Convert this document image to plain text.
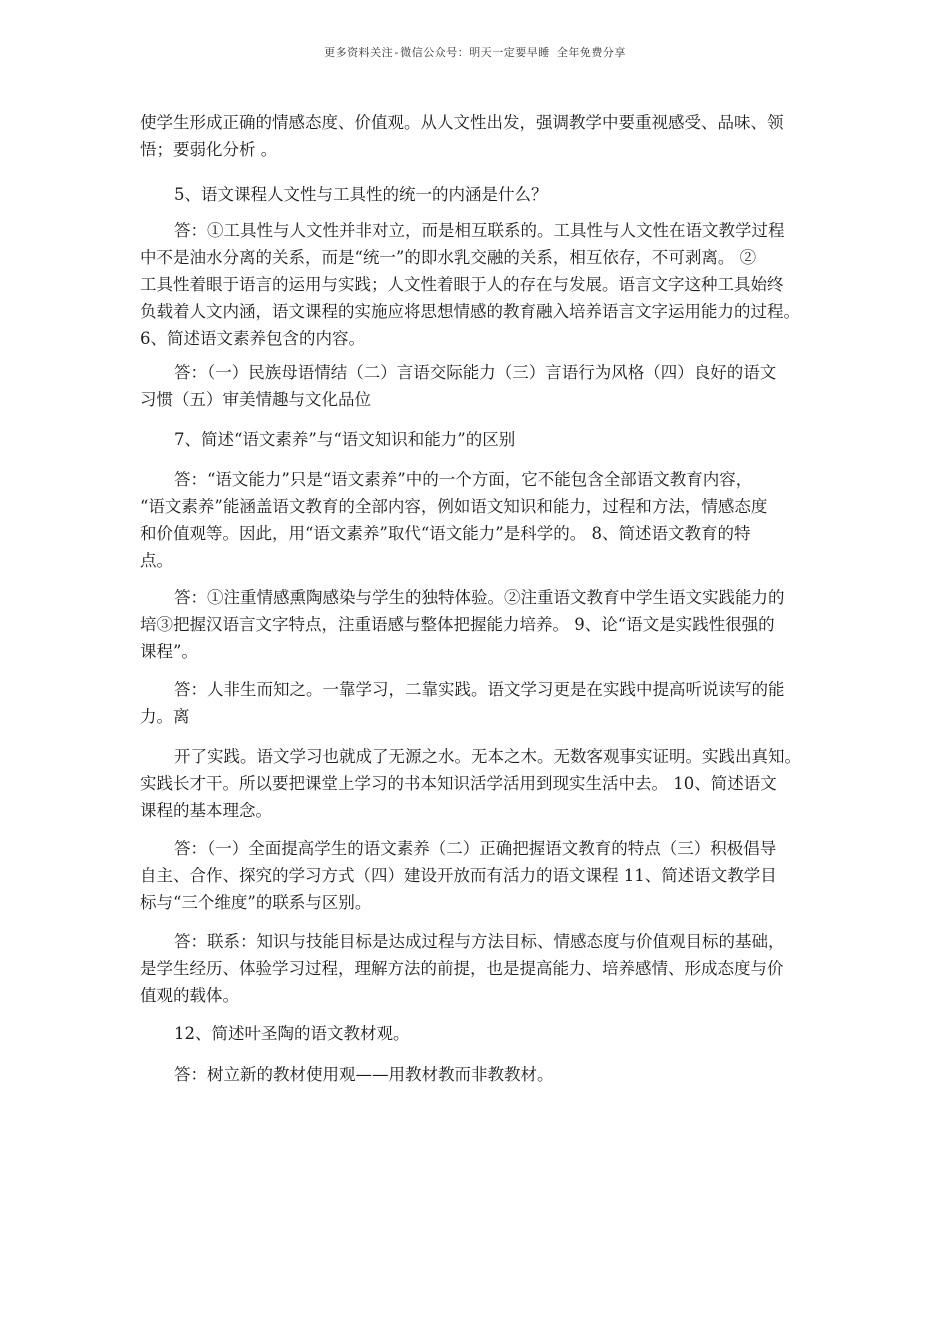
更多资料关注-微信公众号：明天一定要早睡 全年免费分享
使学生形成正确的情感态度、价值观。从人文性出发，强调教学中要重视感受、品味、领
悟；要弱化分析 。
5、语文课程人文性与工具性的统一的内涵是什么？
答：①工具性与人文性并非对立，而是相互联系的。工具性与人文性在语文教学过程
中不是油水分离的关系，而是“统一”的即水乳交融的关系，相互依存，不可剥离。 ②
工具性着眼于语言的运用与实践；人文性着眼于人的存在与发展。语言文字这种工具始终
负载着人文内涵，语文课程的实施应将思想情感的教育融入培养语言文字运用能力的过程。
6、简述语文素养包含的内容。
答：（一）民族母语情结（二）言语交际能力（三）言语行为风格（四）良好的语文
习惯（五）审美情趣与文化品位
7、简述“语文素养”与“语文知识和能力”的区别
答：“语文能力”只是“语文素养”中的一个方面，它不能包含全部语文教育内容，
“语文素养”能涵盖语文教育的全部内容，例如语文知识和能力，过程和方法，情感态度
和价值观等。因此，用“语文素养”取代“语文能力”是科学的。 8、简述语文教育的特
点。
答：①注重情感熏陶感染与学生的独特体验。②注重语文教育中学生语文实践能力的
培③把握汉语言文字特点，注重语感与整体把握能力培养。 9、论“语文是实践性很强的
课程”。
答：人非生而知之。一靠学习，二靠实践。语文学习更是在实践中提高听说读写的能
力。离
开了实践。语文学习也就成了无源之水。无本之木。无数客观事实证明。实践出真知。
实践长才干。所以要把课堂上学习的书本知识活学活用到现实生活中去。 10、简述语文
课程的基本理念。
答：（一）全面提高学生的语文素养（二）正确把握语文教育的特点（三）积极倡导
自主、合作、探究的学习方式（四）建设开放而有活力的语文课程 11、简述语文教学目
标与“三个维度”的联系与区别。
答：联系：知识与技能目标是达成过程与方法目标、情感态度与价值观目标的基础，
是学生经历、体验学习过程，理解方法的前提，也是提高能力、培养感情、形成态度与价
值观的载体。
12、简述叶圣陶的语文教材观。
答：树立新的教材使用观——用教材教而非教教材。
